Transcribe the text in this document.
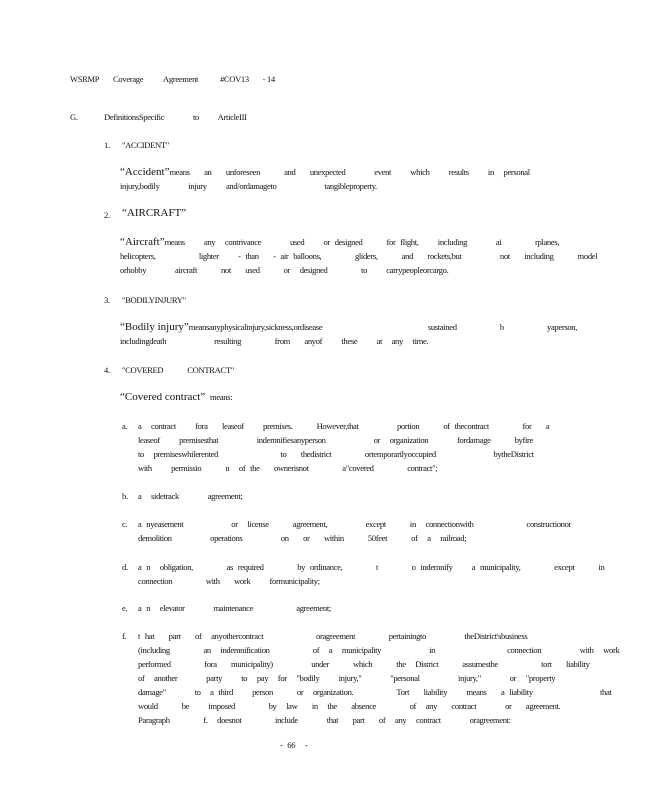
WSRMP Coverage Agreement	#COV13 - 14
G.	DefinitionsSpecific      to    ArticleIII
1. "ACCIDENT"
“Accident”means   an   unforeseen     and   unexpected      event    which    results    in  personal
injury,bodily      injury    and/ordamageto          tangibleproperty.
2. “AIRCRAFT”
“Aircraft”means    any  contrivance      used    or designed     for flight,    including      ai       rplanes,
helicopters,         lighter    - than   - air balloons,       gliders,     and   rockets,but        not   including     model
orhobby      aircraft     not   used     or  designed       to    carrypeopleorcargo.
3. "BODILYINJURY"
“Bodily injury”meansanyphysicalinjury,sickness,ordisease                      sustained         b         yaperson,
includingdeath          resulting       from   anyof    these    at  any  time.
4. "COVERED     CONTRACT"
“Covered contract” means:
a. a  contract    fora   leaseof    premises.     However,that        portion     of thecontract       for   a
leaseof    premisesthat        indemnifiesanyperson          or  organization      fordamage     byfire
to  premiseswhilerented             to   thedistrict       ortemporarilyoccupied            bytheDistrict
with    permissio     n  of the   ownerisnot       a"covered       contract";
b. a  sidetrack      agreement;
c. a nyeasement          or  license     agreement,        except     in  connectionwith           constructionor
demolition        operations        on   or   within     50feet     of  a  railroad;
d. a n  obligation,       as required       by ordinance,       t       o indemnify    a municipality,       except     in
connection       with   work    formunicipality;
e. a n  elevator      maintenance         agreement;
f. t hat   part   of  anyothercontract           oragreement       pertainingto        theDistrict'sbusiness
(including       an  indemnification         of  a  municipality          in               connection        with  work
performed       fora   municipality)        under     which     the  District     assumesthe         tort   liability
of  another      party    to  pay  for  "bodily    injury,"      "personal        injury,"      or  "property
damage"      to  a third    person     or  organization.         Tort   liability    means   a liability              that
would     be    imposed       by  law   in  the   absence       of  any   contract      or   agreement.
Paragraph       f.  doesnot       include      that   part   of  any  contract      oragreement:
- 66  -
